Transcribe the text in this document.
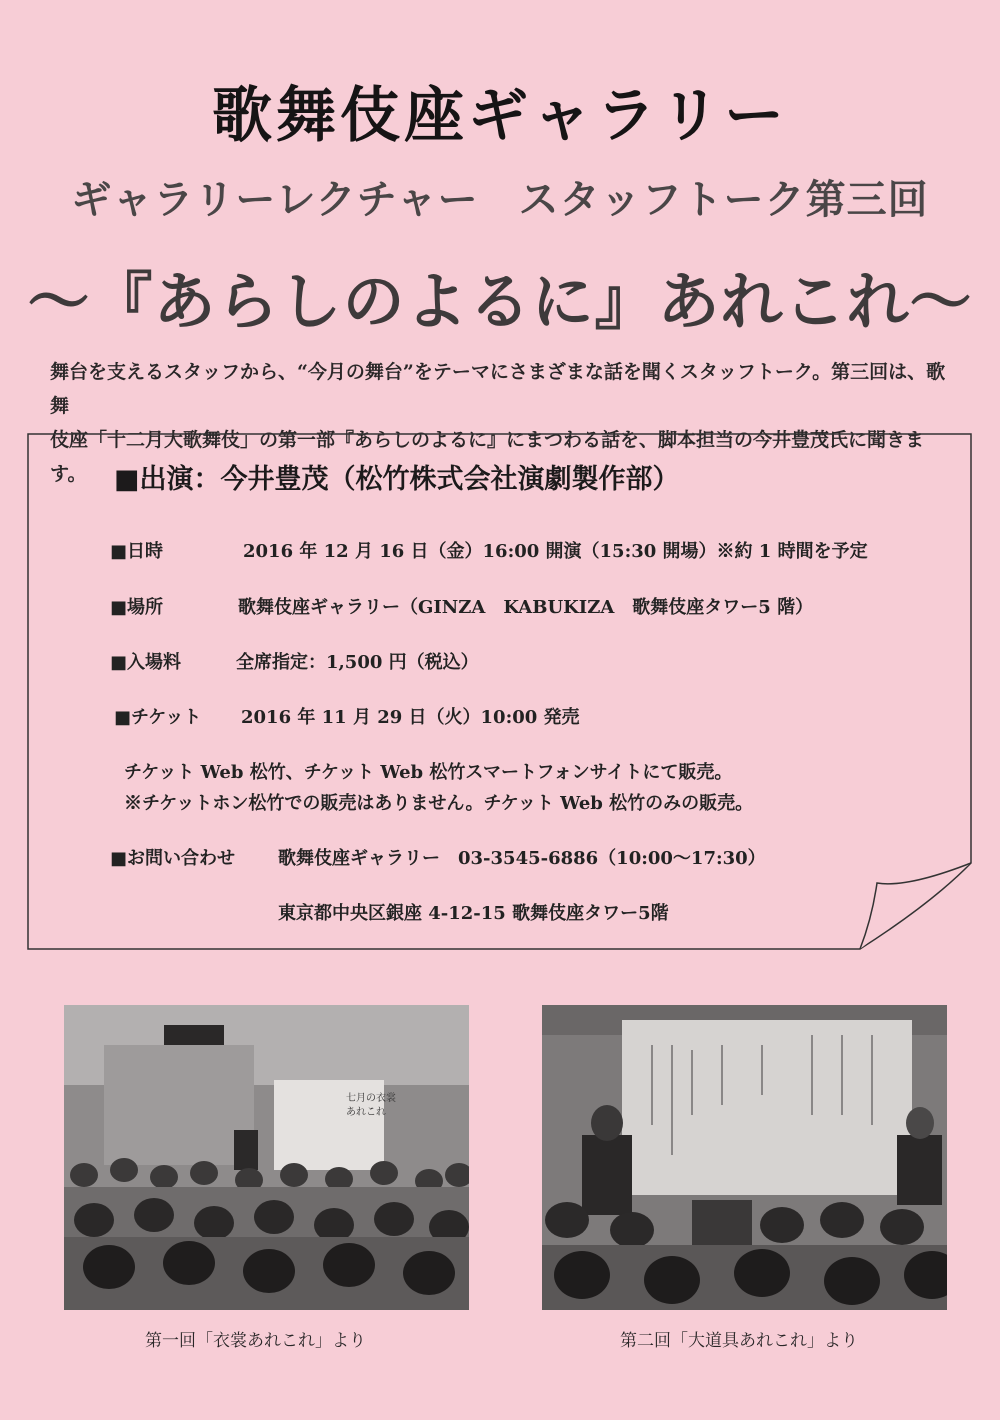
歌舞伎座ギャラリー
ギャラリーレクチャー スタッフトーク第三回
～『あらしのよるに』あれこれ～
舞台を支えるスタッフから、“今月の舞台”をテーマにさまざまな話を聞くスタッフトーク。第三回は、歌舞
伎座「十二月大歌舞伎」の第一部『あらしのよるに』にまつわる話を、脚本担当の今井豊茂氏に聞きます。	■出演：今井豊茂（松竹株式会社演劇製作部）
■日時	2016 年 12 月 16 日（金）16:00 開演（15:30 開場）※約 1 時間を予定
■場所	歌舞伎座ギャラリー（GINZA　KABUKIZA　歌舞伎座タワー5 階）
■入場料	全席指定：1,500 円（税込）
■チケット 2016 年 11 月 29 日（火）10:00 発売
チケット Web 松竹、チケット Web 松竹スマートフォンサイトにて販売。
※チケットホン松竹での販売はありません。チケット Web 松竹のみの販売。
■お問い合わせ 歌舞伎座ギャラリー　03-3545-6886（10:00～17:30）
東京都中央区銀座 4-12-15 歌舞伎座タワー5階
七月の衣裳 あれこれ
第一回「衣裳あれこれ」より	第二回「大道具あれこれ」より
